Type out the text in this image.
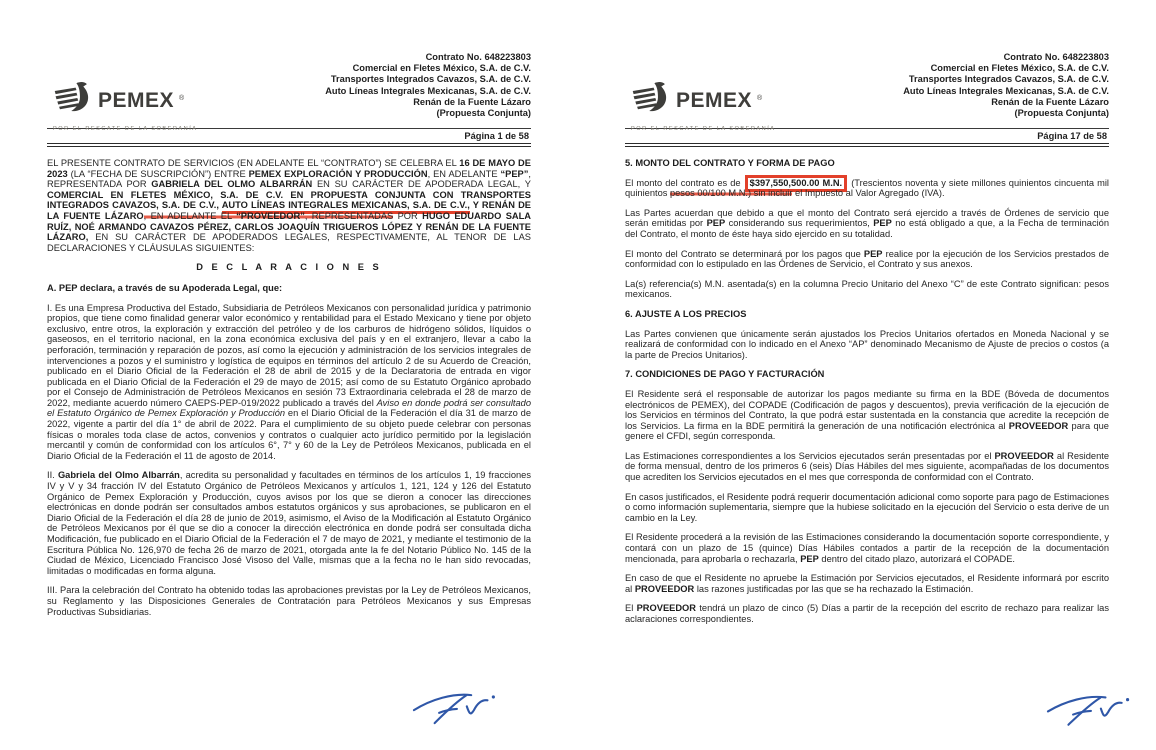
PEMEX ®
POR EL RESCATE DE LA SOBERANÍA
Contrato No. 648223803
Comercial en Fletes México, S.A. de C.V.
Transportes Integrados Cavazos, S.A. de C.V.
Auto Líneas Integrales Mexicanas, S.A. de C.V.
Renán de la Fuente Lázaro
(Propuesta Conjunta)
Página 1 de 58

EL PRESENTE CONTRATO DE SERVICIOS (EN ADELANTE EL “CONTRATO”) SE CELEBRA EL 16 DE MAYO DE 2023 (LA “FECHA DE SUSCRIPCIÓN”) ENTRE PEMEX EXPLORACIÓN Y PRODUCCIÓN, EN ADELANTE “PEP”, REPRESENTADA POR GABRIELA DEL OLMO ALBARRÁN EN SU CARÁCTER DE APODERADA LEGAL, Y COMERCIAL EN FLETES MÉXICO, S.A. DE C.V. EN PROPUESTA CONJUNTA CON TRANSPORTES INTEGRADOS CAVAZOS, S.A. DE C.V., AUTO LÍNEAS INTEGRALES MEXICANAS, S.A. DE C.V., Y RENÁN DE LA FUENTE LÁZARO, EN ADELANTE EL “PROVEEDOR”, REPRESENTADAS POR HUGO EDUARDO SALA RUÍZ, NOÉ ARMANDO CAVAZOS PÉREZ, CARLOS JOAQUÍN TRIGUEROS LÓPEZ Y RENÁN DE LA FUENTE LÁZARO, EN SU CARÁCTER DE APODERADOS LEGALES, RESPECTIVAMENTE, AL TENOR DE LAS DECLARACIONES Y CLÁUSULAS SIGUIENTES:

D E C L A R A C I O N E S
A. PEP declara, a través de su Apoderada Legal, que:

I. Es una Empresa Productiva del Estado, Subsidiaria de Petróleos Mexicanos con personalidad jurídica y patrimonio propios, que tiene como finalidad generar valor económico y rentabilidad para el Estado Mexicano y tiene por objeto exclusivo, entre otros, la exploración y extracción del petróleo y de los carburos de hidrógeno sólidos, líquidos o gaseosos, en el territorio nacional, en la zona económica exclusiva del país y en el extranjero, llevar a cabo la perforación, terminación y reparación de pozos, así como la ejecución y administración de los servicios integrales de intervenciones a pozos y el suministro y logística de equipos en términos del artículo 2 de su Acuerdo de Creación, publicado en el Diario Oficial de la Federación el 28 de abril de 2015 y de la Declaratoria de entrada en vigor publicada en el Diario Oficial de la Federación el 29 de mayo de 2015; así como de su Estatuto Orgánico aprobado por el Consejo de Administración de Petróleos Mexicanos en sesión 73 Extraordinaria celebrada el 28 de marzo de 2022, mediante acuerdo número CAEPS-PEP-019/2022 publicado a través del Aviso en donde podrá ser consultado el Estatuto Orgánico de Pemex Exploración y Producción en el Diario Oficial de la Federación el día 31 de marzo de 2022, vigente a partir del día 1° de abril de 2022. Para el cumplimiento de su objeto puede celebrar con personas físicas o morales toda clase de actos, convenios y contratos o cualquier acto jurídico permitido por la legislación mercantil y común de conformidad con los artículos 6°, 7° y 60 de la Ley de Petróleos Mexicanos, publicada en el Diario Oficial de la Federación el 11 de agosto de 2014.

II. Gabriela del Olmo Albarrán, acredita su personalidad y facultades en términos de los artículos 1, 19 fracciones IV y V y 34 fracción IV del Estatuto Orgánico de Petróleos Mexicanos y artículos 1, 121, 124 y 126 del Estatuto Orgánico de Pemex Exploración y Producción, cuyos avisos por los que se dieron a conocer las direcciones electrónicas en donde podrán ser consultados ambos estatutos orgánicos y sus aprobaciones, se publicaron en el Diario Oficial de la Federación el día 28 de junio de 2019, asimismo, el Aviso de la Modificación al Estatuto Orgánico de Petróleos Mexicanos por él que se dio a conocer la dirección electrónica en donde podrá ser consultada dicha Modificación, fue publicado en el Diario Oficial de la Federación el 7 de mayo de 2021, y mediante el testimonio de la Escritura Pública No. 126,970 de fecha 26 de marzo de 2021, otorgada ante la fe del Notario Público No. 145 de la Ciudad de México, Licenciado Francisco José Visoso del Valle, mismas que a la fecha no le han sido revocadas, limitadas o modificadas en forma alguna.

III. Para la celebración del Contrato ha obtenido todas las aprobaciones previstas por la Ley de Petróleos Mexicanos, su Reglamento y las Disposiciones Generales de Contratación para Petróleos Mexicanos y sus Empresas Productivas Subsidiarias.

PEMEX ®
POR EL RESCATE DE LA SOBERANÍA
Contrato No. 648223803
Comercial en Fletes México, S.A. de C.V.
Transportes Integrados Cavazos, S.A. de C.V.
Auto Líneas Integrales Mexicanas, S.A. de C.V.
Renán de la Fuente Lázaro
(Propuesta Conjunta)
Página 17 de 58
5. MONTO DEL CONTRATO Y FORMA DE PAGO

El monto del contrato es de $397,550,500.00 M.N. (Trescientos noventa y siete millones quinientos cincuenta mil quinientos pesos 00/100 M.N.) sin incluir el Impuesto al Valor Agregado (IVA).

Las Partes acuerdan que debido a que el monto del Contrato será ejercido a través de Órdenes de servicio que serán emitidas por PEP considerando sus requerimientos, PEP no está obligado a que, a la Fecha de terminación del Contrato, el monto de éste haya sido ejercido en su totalidad.

El monto del Contrato se determinará por los pagos que PEP realice por la ejecución de los Servicios prestados de conformidad con lo estipulado en las Órdenes de Servicio, el Contrato y sus anexos.

La(s) referencia(s) M.N. asentada(s) en la columna Precio Unitario del Anexo “C” de este Contrato significan: pesos mexicanos.

6. AJUSTE A LOS PRECIOS

Las Partes convienen que únicamente serán ajustados los Precios Unitarios ofertados en Moneda Nacional y se realizará de conformidad con lo indicado en el Anexo “AP” denominado Mecanismo de Ajuste de precios o costos (a la parte de Precios Unitarios).

7. CONDICIONES DE PAGO Y FACTURACIÓN

El Residente será el responsable de autorizar los pagos mediante su firma en la BDE (Bóveda de documentos electrónicos de PEMEX), del COPADE (Codificación de pagos y descuentos), previa verificación de la ejecución de los Servicios en términos del Contrato, la que podrá estar sustentada en la constancia que acredite la recepción de los Servicios. La firma en la BDE permitirá la generación de una notificación electrónica al PROVEEDOR para que genere el CFDI, según corresponda.

Las Estimaciones correspondientes a los Servicios ejecutados serán presentadas por el PROVEEDOR al Residente de forma mensual, dentro de los primeros 6 (seis) Días Hábiles del mes siguiente, acompañadas de los documentos que acrediten los Servicios ejecutados en el mes que corresponda de conformidad con el Contrato.

En casos justificados, el Residente podrá requerir documentación adicional como soporte para pago de Estimaciones o como información suplementaria, siempre que la hubiese solicitado en la ejecución del Servicio o esta derive de un cambio en la Ley.

El Residente procederá a la revisión de las Estimaciones considerando la documentación soporte correspondiente, y contará con un plazo de 15 (quince) Días Hábiles contados a partir de la recepción de la documentación mencionada, para aprobarla o rechazarla, PEP dentro del citado plazo, autorizará el COPADE.

En caso de que el Residente no apruebe la Estimación por Servicios ejecutados, el Residente informará por escrito al PROVEEDOR las razones justificadas por las que se ha rechazado la Estimación.

El PROVEEDOR tendrá un plazo de cinco (5) Días a partir de la recepción del escrito de rechazo para realizar las aclaraciones correspondientes.
